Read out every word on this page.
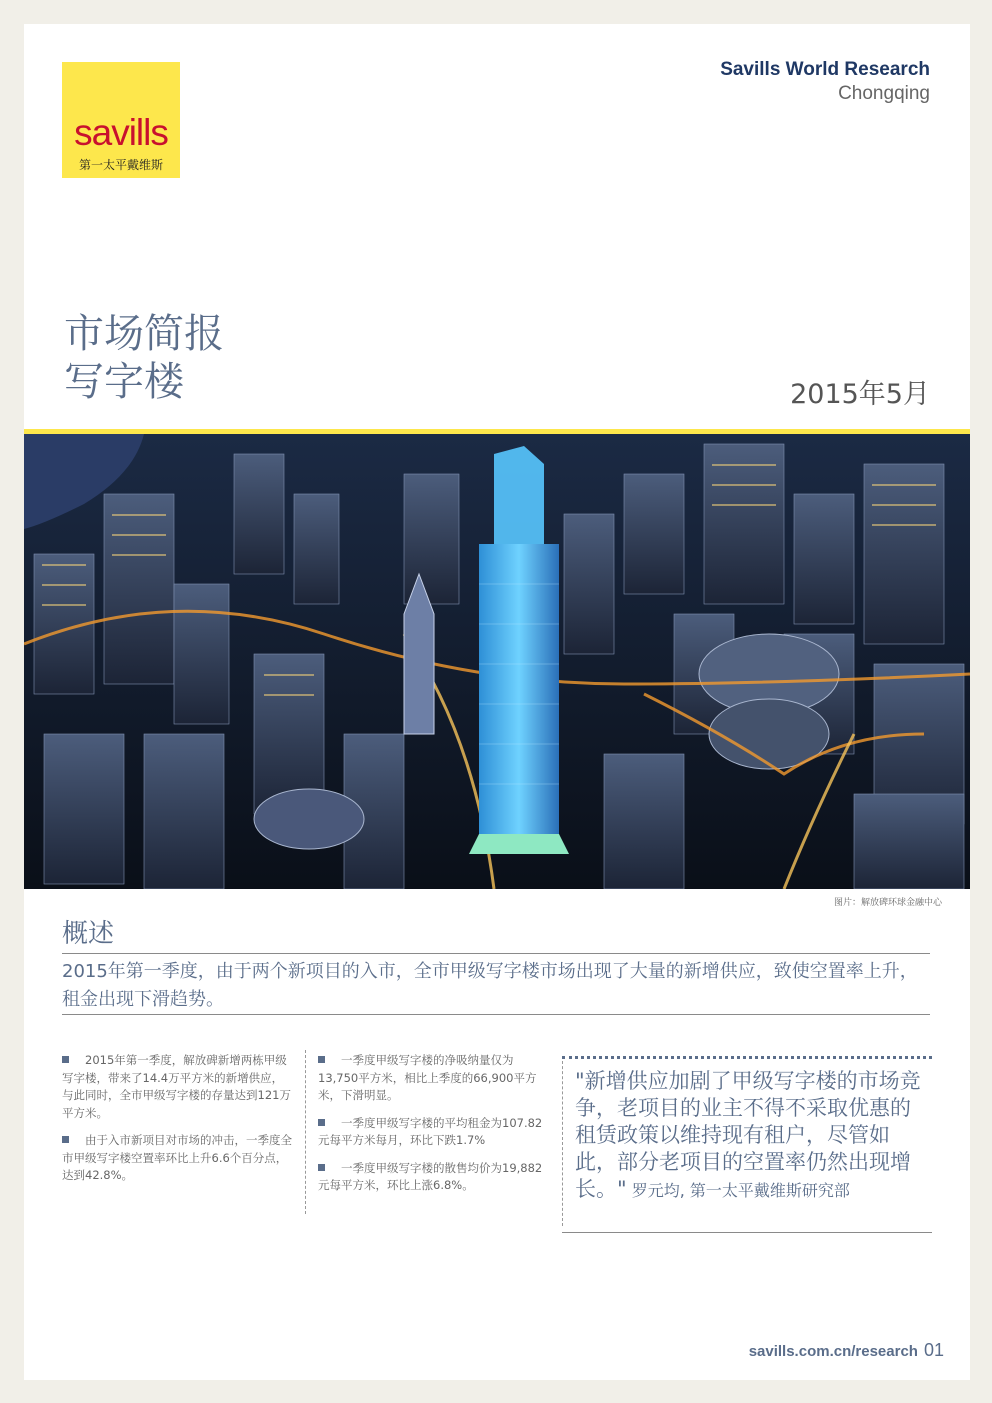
savills
第一太平戴维斯
Savills World Research
Chongqing
市场简报
写字楼	2015年5月
图片：解放碑环球金融中心
概述
2015年第一季度，由于两个新项目的入市，全市甲级写字楼市场出现了大量的新增供应，致使空置率上升，租金出现下滑趋势。
2015年第一季度，解放碑新增两栋甲级写字楼，带来了14.4万平方米的新增供应，与此同时，全市甲级写字楼的存量达到121万平方米。
由于入市新项目对市场的冲击，一季度全市甲级写字楼空置率环比上升6.6个百分点，达到42.8%。
一季度甲级写字楼的净吸纳量仅为13,750平方米，相比上季度的66,900平方米，下滑明显。
一季度甲级写字楼的平均租金为107.82元每平方米每月，环比下跌1.7%
一季度甲级写字楼的散售均价为19,882元每平方米，环比上涨6.8%。
"新增供应加剧了甲级写字楼的市场竞争，老项目的业主不得不采取优惠的租赁政策以维持现有租户，尽管如此，部分老项目的空置率仍然出现增长。" 罗元均, 第一太平戴维斯研究部
savills.com.cn/research 01
